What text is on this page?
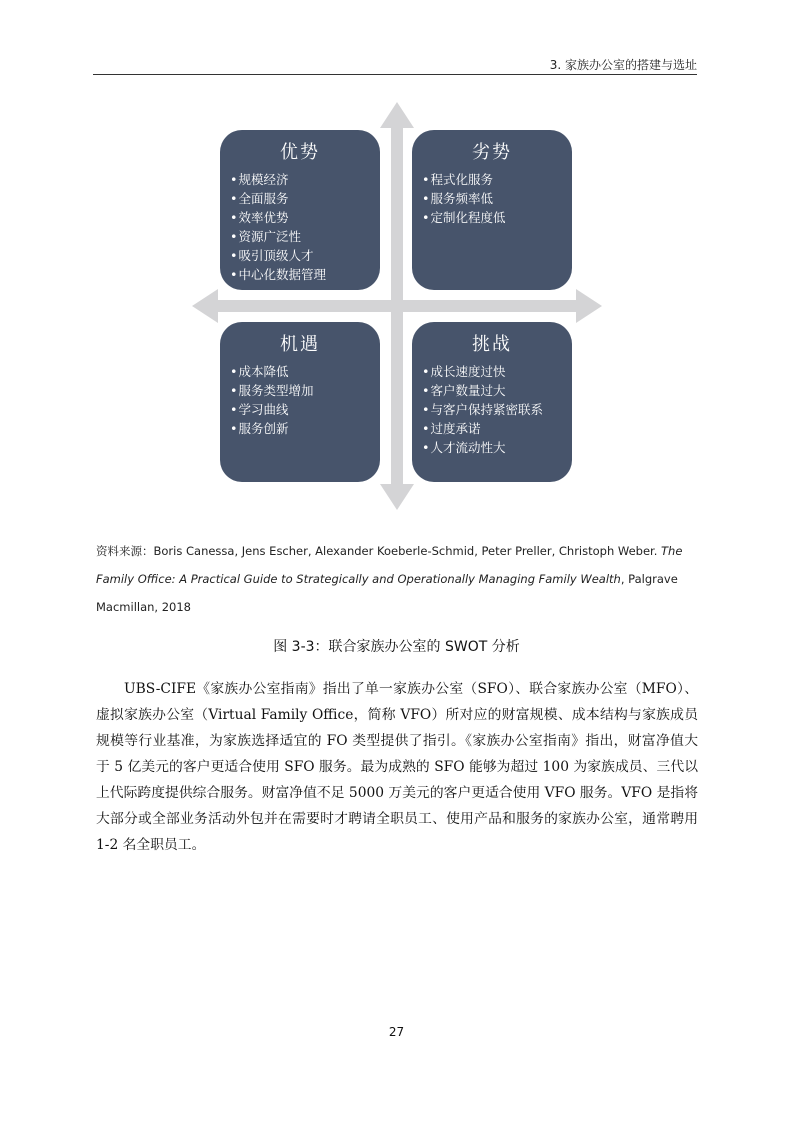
3. 家族办公室的搭建与选址
优势
• 规模经济
• 全面服务
• 效率优势
• 资源广泛性
• 吸引顶级人才
• 中心化数据管理
劣势
• 程式化服务
• 服务频率低
• 定制化程度低
机遇
• 成本降低
• 服务类型增加
• 学习曲线
• 服务创新
挑战
• 成长速度过快
• 客户数量过大
• 与客户保持紧密联系
• 过度承诺
• 人才流动性大
资料来源：Boris Canessa, Jens Escher, Alexander Koeberle-Schmid, Peter Preller, Christoph Weber. The Family Office: A Practical Guide to Strategically and Operationally Managing Family Wealth, Palgrave Macmillan, 2018
图 3-3：联合家族办公室的 SWOT 分析

UBS-CIFE《家族办公室指南》指出了单一家族办公室（SFO）、联合家族办公室（MFO）、虚拟家族办公室（Virtual Family Office，简称 VFO）所对应的财富规模、成本结构与家族成员规模等行业基准，为家族选择适宜的 FO 类型提供了指引。《家族办公室指南》指出，财富净值大于 5 亿美元的客户更适合使用 SFO 服务。最为成熟的 SFO 能够为超过 100 为家族成员、三代以上代际跨度提供综合服务。财富净值不足 5000 万美元的客户更适合使用 VFO 服务。VFO 是指将大部分或全部业务活动外包并在需要时才聘请全职员工、使用产品和服务的家族办公室，通常聘用 1-2 名全职员工。

27
